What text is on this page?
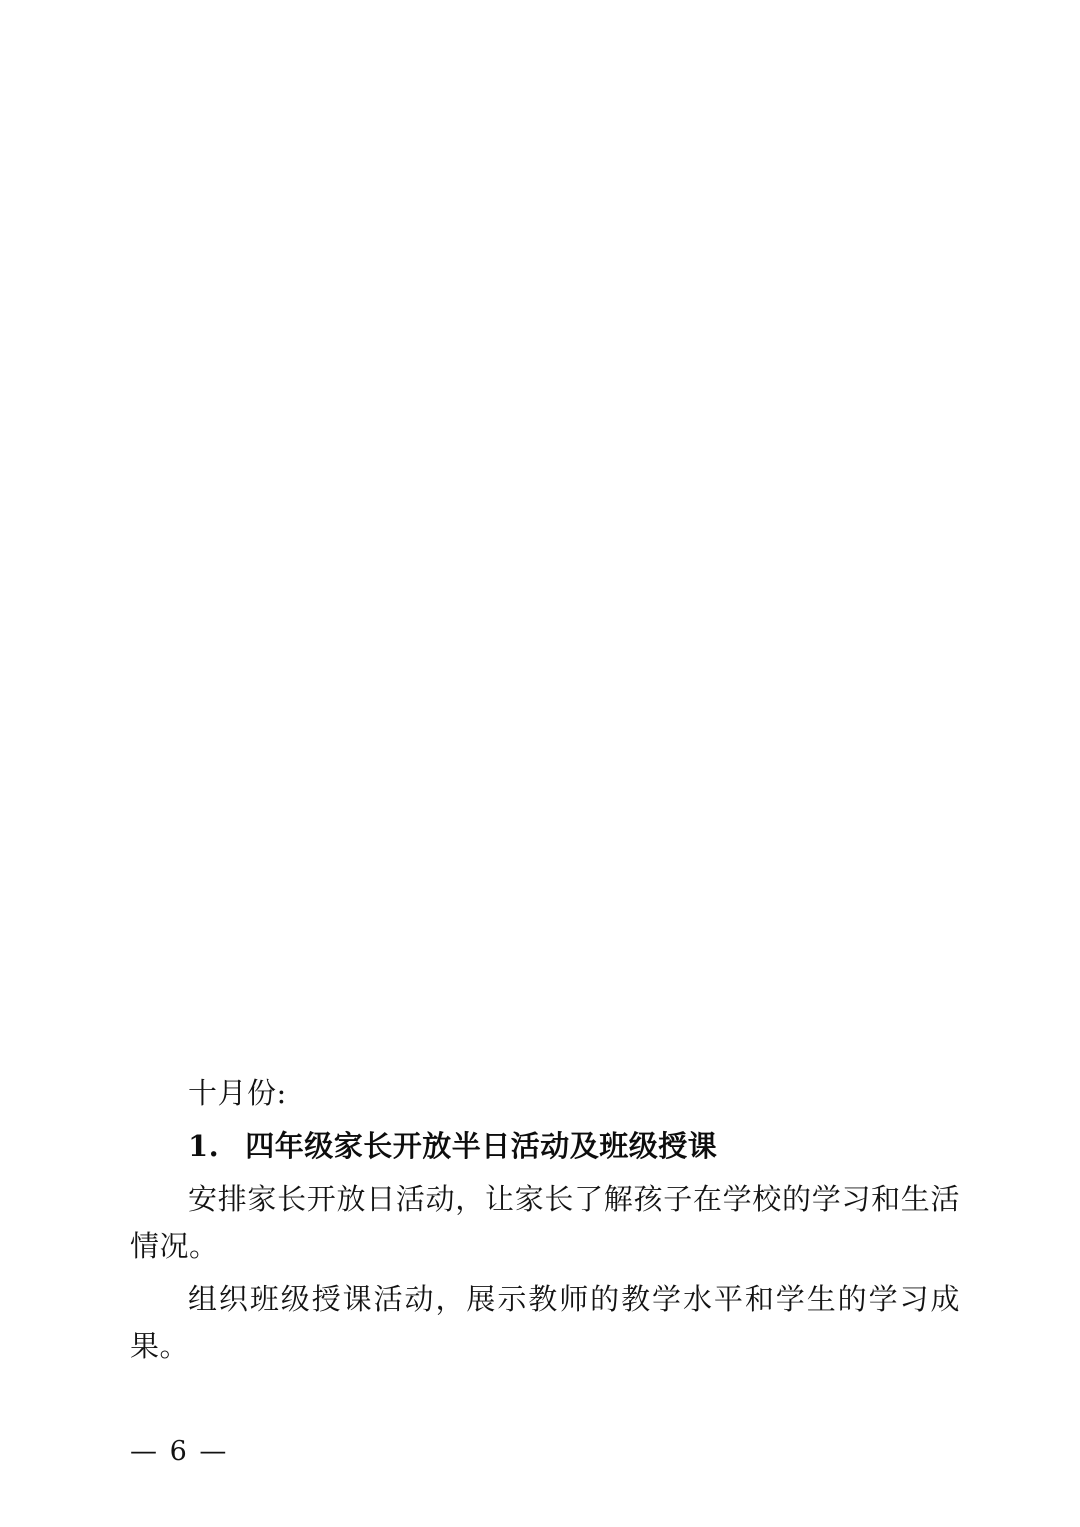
十月份:

1. 四年级家长开放半日活动及班级授课

安排家长开放日活动，让家长了解孩子在学校的学习和生活情况。

组织班级授课活动，展示教师的教学水平和学生的学习成果。

— 6 —
